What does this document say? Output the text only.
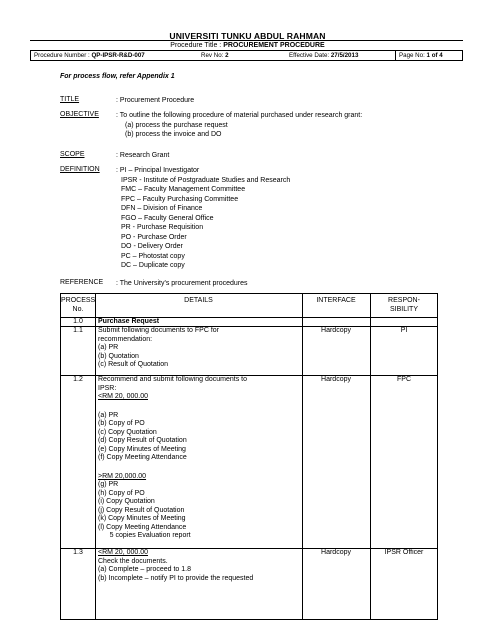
UNIVERSITI TUNKU ABDUL RAHMAN
Procedure Title : PROCUREMENT PROCEDURE
Procedure Number : QP-IPSR-R&D-007	Rev No: 2	Effective Date: 27/5/2013	Page No: 1 of 4
For process flow, refer Appendix 1
TITLE	: Procurement Procedure
OBJECTIVE : To outline the following procedure of material purchased under research grant:
(a) process the purchase request
(b) process the invoice and DO
SCOPE	: Research Grant
DEFINITION : PI – Principal Investigator
IPSR - Institute of Postgraduate Studies and Research
FMC – Faculty Management Committee
FPC – Faculty Purchasing Committee
DFN – Division of Finance
FGO – Faculty General Office
PR - Purchase Requisition
PO - Purchase Order
DO - Delivery Order
PC – Photostat copy
DC – Duplicate copy
REFERENCE : The University's procurement procedures
PROCESS
No.
DETAILS	INTERFACE	RESPON-
SIBILITY
1.0	Purchase Request
1.1	Submit following documents to FPC for
recommendation:
(a) PR
(b) Quotation
(c) Result of Quotation
Hardcopy	PI
1.2	Recommend and submit following documents to
IPSR:
<RM 20, 000.00
(a) PR
(b) Copy of PO
(c) Copy Quotation
(d) Copy Result of Quotation
(e) Copy Minutes of Meeting
(f) Copy Meeting Attendance
>RM 20,000.00
(g) PR
(h) Copy of PO
(i) Copy Quotation
(j) Copy Result of Quotation
(k) Copy Minutes of Meeting
(l) Copy Meeting Attendance
5 copies Evaluation report
Hardcopy	FPC
1.3	<RM 20, 000.00
Check the documents.
(a) Complete – proceed to 1.8
(b) Incomplete – notify PI to provide the requested
Hardcopy	IPSR Officer
